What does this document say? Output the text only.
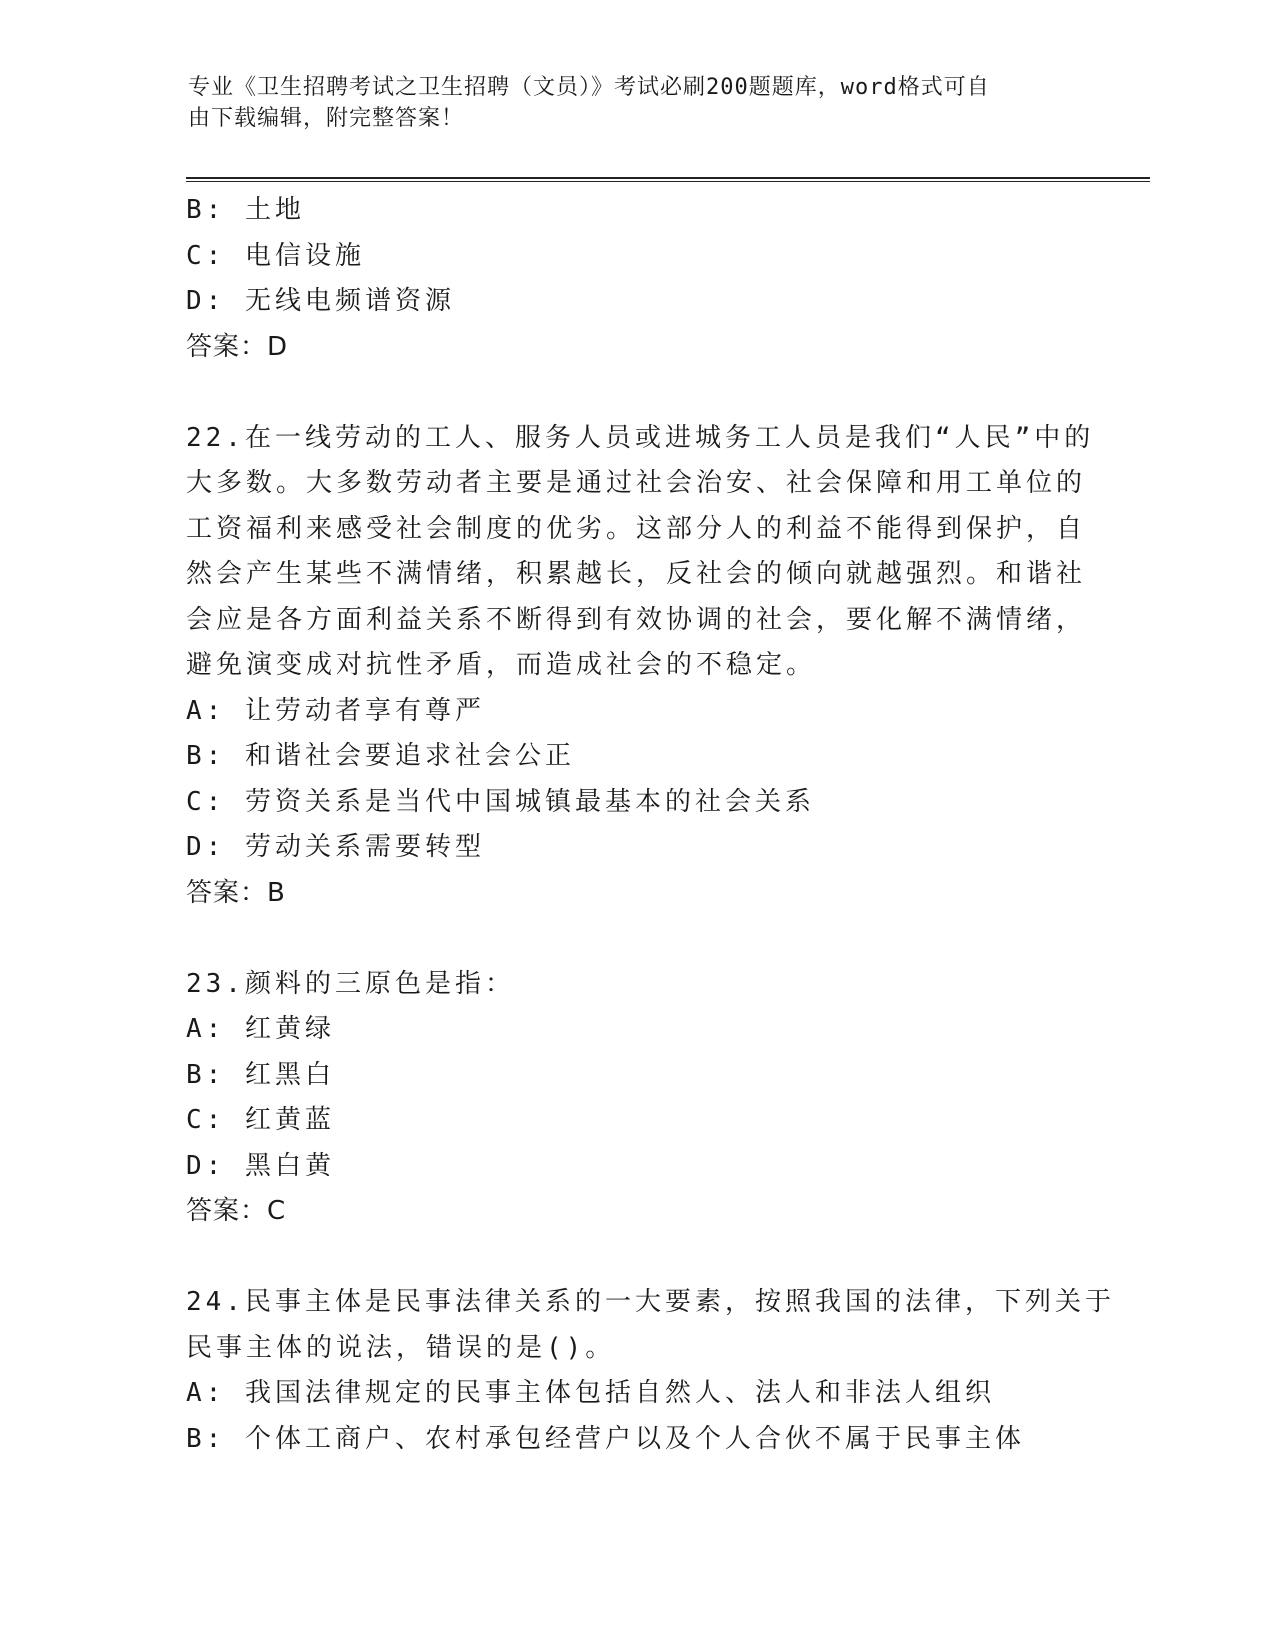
专业《卫生招聘考试之卫生招聘（文员）》考试必刷200题题库，word格式可自
由下载编辑，附完整答案！
B: 土地
C: 电信设施
D: 无线电频谱资源
答案：D
22.在一线劳动的工人、服务人员或进城务工人员是我们“人民”中的
大多数。大多数劳动者主要是通过社会治安、社会保障和用工单位的
工资福利来感受社会制度的优劣。这部分人的利益不能得到保护，自
然会产生某些不满情绪，积累越长，反社会的倾向就越强烈。和谐社
会应是各方面利益关系不断得到有效协调的社会，要化解不满情绪，
避免演变成对抗性矛盾，而造成社会的不稳定。
A: 让劳动者享有尊严
B: 和谐社会要追求社会公正
C: 劳资关系是当代中国城镇最基本的社会关系
D: 劳动关系需要转型
答案：B
23.颜料的三原色是指：
A: 红黄绿
B: 红黑白
C: 红黄蓝
D: 黑白黄
答案：C
24.民事主体是民事法律关系的一大要素，按照我国的法律，下列关于
民事主体的说法，错误的是()。
A: 我国法律规定的民事主体包括自然人、法人和非法人组织
B: 个体工商户、农村承包经营户以及个人合伙不属于民事主体
